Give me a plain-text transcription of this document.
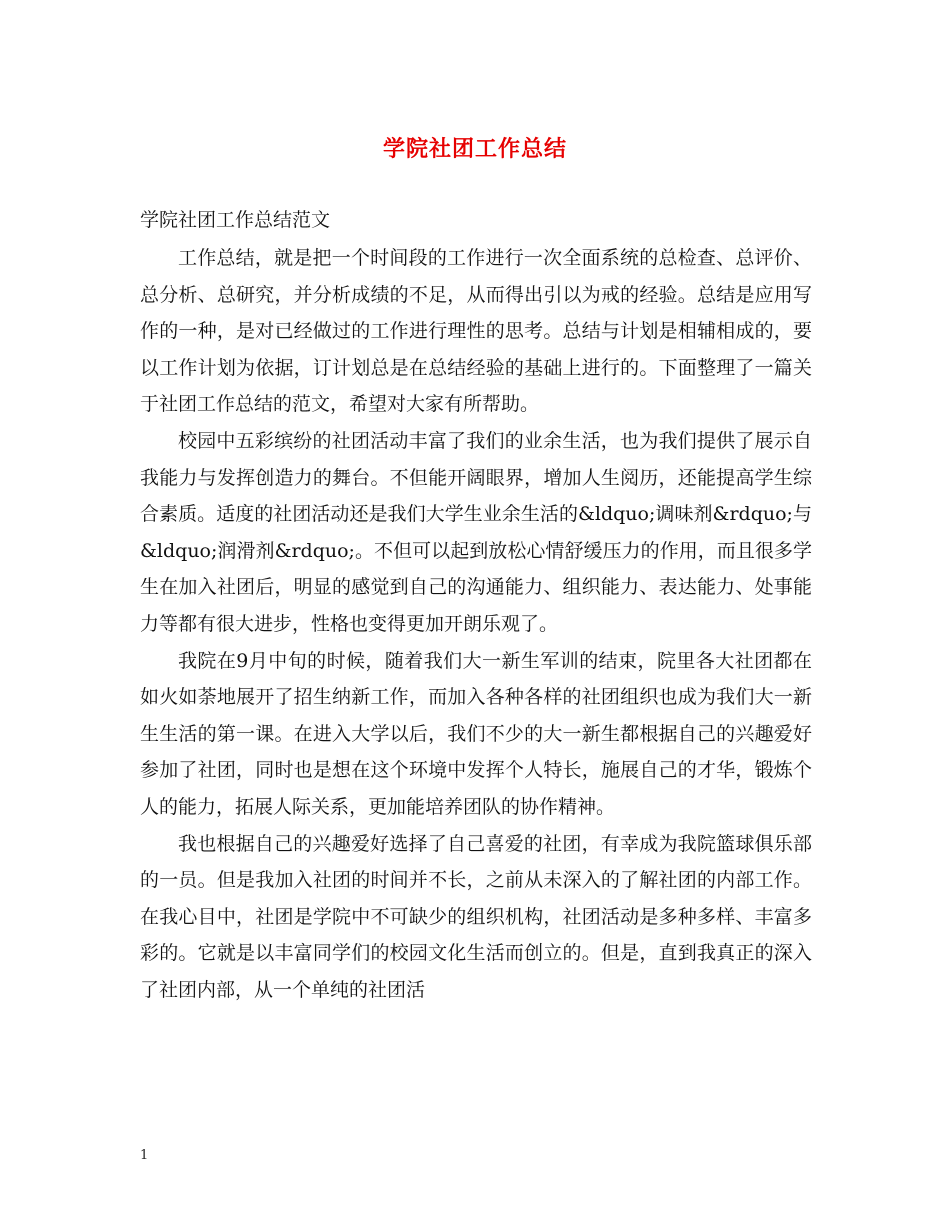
学院社团工作总结
学院社团工作总结范文

工作总结，就是把一个时间段的工作进行一次全面系统的总检查、总评价、总分析、总研究，并分析成绩的不足，从而得出引以为戒的经验。总结是应用写作的一种，是对已经做过的工作进行理性的思考。总结与计划是相辅相成的，要以工作计划为依据，订计划总是在总结经验的基础上进行的。下面整理了一篇关于社团工作总结的范文，希望对大家有所帮助。

校园中五彩缤纷的社团活动丰富了我们的业余生活，也为我们提供了展示自我能力与发挥创造力的舞台。不但能开阔眼界，增加人生阅历，还能提高学生综合素质。适度的社团活动还是我们大学生业余生活的&ldquo;调味剂&rdquo;与&ldquo;润滑剂&rdquo;。不但可以起到放松心情舒缓压力的作用，而且很多学生在加入社团后，明显的感觉到自己的沟通能力、组织能力、表达能力、处事能力等都有很大进步，性格也变得更加开朗乐观了。

我院在9月中旬的时候，随着我们大一新生军训的结束，院里各大社团都在如火如荼地展开了招生纳新工作，而加入各种各样的社团组织也成为我们大一新生生活的第一课。在进入大学以后，我们不少的大一新生都根据自己的兴趣爱好参加了社团，同时也是想在这个环境中发挥个人特长，施展自己的才华，锻炼个人的能力，拓展人际关系，更加能培养团队的协作精神。

我也根据自己的兴趣爱好选择了自己喜爱的社团，有幸成为我院篮球俱乐部的一员。但是我加入社团的时间并不长，之前从未深入的了解社团的内部工作。在我心目中，社团是学院中不可缺少的组织机构，社团活动是多种多样、丰富多彩的。它就是以丰富同学们的校园文化生活而创立的。但是，直到我真正的深入了社团内部，从一个单纯的社团活

1
